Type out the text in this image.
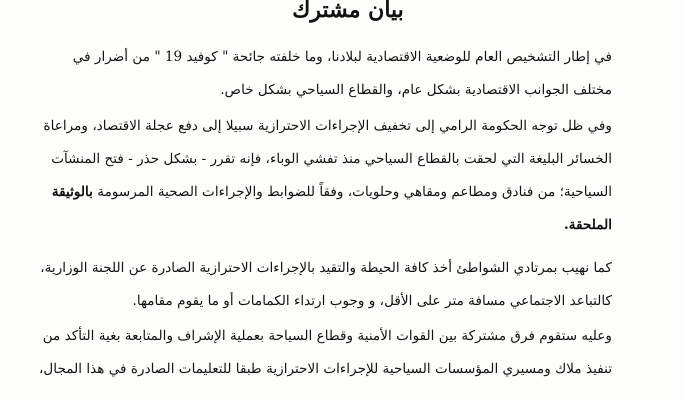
بيان مشترك
في إطار التشخيص العام للوضعية الاقتصادية لبلادنا، وما خلفته جائحة " كوفيد 19 " من أضرار في
مختلف الجوانب الاقتصادية بشكل عام، والقطاع السياحي بشكل خاص.
وفي ظل توجه الحكومة الرامي إلى تخفيف الإجراءات الاحترازية سبيلا إلى دفع عجلة الاقتصاد، ومراعاة
الخسائر البليغة التي لحقت بالقطاع السياحي منذ تفشي الوباء، فإنه تقرر - بشكل حذر - فتح المنشآت
السياحية؛ من فنادق ومطاعم ومقاهي وحلويات، وفقاً للضوابط والإجراءات الصحية المرسومة بالوثيقة
الملحقة.
كما نهيب بمرتادي الشواطئ أخذ كافة الحيطة والتقيد بالإجراءات الاحترازية الصادرة عن اللجنة الوزارية،
كالتباعد الاجتماعي مسافة متر على الأقل، و وجوب ارتداء الكمامات أو ما يقوم مقامها.
وعليه ستقوم فرق مشتركة بين القوات الأمنية وقطاع السياحة بعملية الإشراف والمتابعة بغية التأكد من
تنفيذ ملاك ومسيري المؤسسات السياحية للإجراءات الاحترازية طبقا للتعليمات الصادرة في هذا المجال،
